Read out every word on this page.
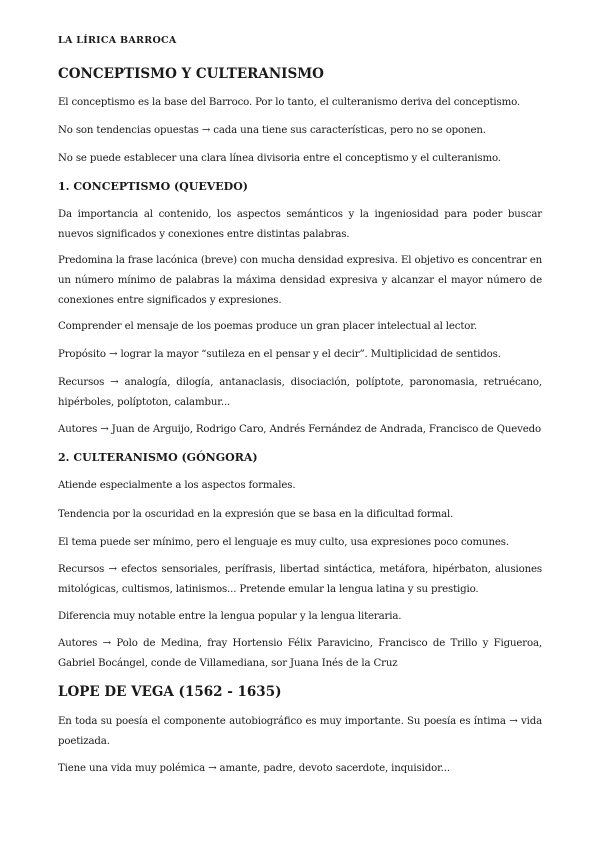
LA LÍRICA BARROCA
CONCEPTISMO Y CULTERANISMO
El conceptismo es la base del Barroco. Por lo tanto, el culteranismo deriva del conceptismo.
No son tendencias opuestas → cada una tiene sus características, pero no se oponen.
No se puede establecer una clara línea divisoria entre el conceptismo y el culteranismo.
1. CONCEPTISMO (QUEVEDO)
Da importancia al contenido, los aspectos semánticos y la ingeniosidad para poder buscar nuevos significados y conexiones entre distintas palabras.
Predomina la frase lacónica (breve) con mucha densidad expresiva. El objetivo es concentrar en un número mínimo de palabras la máxima densidad expresiva y alcanzar el mayor número de conexiones entre significados y expresiones.
Comprender el mensaje de los poemas produce un gran placer intelectual al lector.
Propósito → lograr la mayor “sutileza en el pensar y el decir”. Multiplicidad de sentidos.
Recursos → analogía, dilogía, antanaclasis, disociación, políptote, paronomasia, retruécano, hipérboles, políptoton, calambur...
Autores → Juan de Arguijo, Rodrigo Caro, Andrés Fernández de Andrada, Francisco de Quevedo
2. CULTERANISMO (GÓNGORA)
Atiende especialmente a los aspectos formales.
Tendencia por la oscuridad en la expresión que se basa en la dificultad formal.
El tema puede ser mínimo, pero el lenguaje es muy culto, usa expresiones poco comunes.
Recursos → efectos sensoriales, perífrasis, libertad sintáctica, metáfora, hipérbaton, alusiones mitológicas, cultismos, latinismos... Pretende emular la lengua latina y su prestigio.
Diferencia muy notable entre la lengua popular y la lengua literaria.
Autores → Polo de Medina, fray Hortensio Félix Paravicino, Francisco de Trillo y Figueroa, Gabriel Bocángel, conde de Villamediana, sor Juana Inés de la Cruz
LOPE DE VEGA (1562 - 1635)
En toda su poesía el componente autobiográfico es muy importante. Su poesía es íntima → vida poetizada.
Tiene una vida muy polémica → amante, padre, devoto sacerdote, inquisidor...
